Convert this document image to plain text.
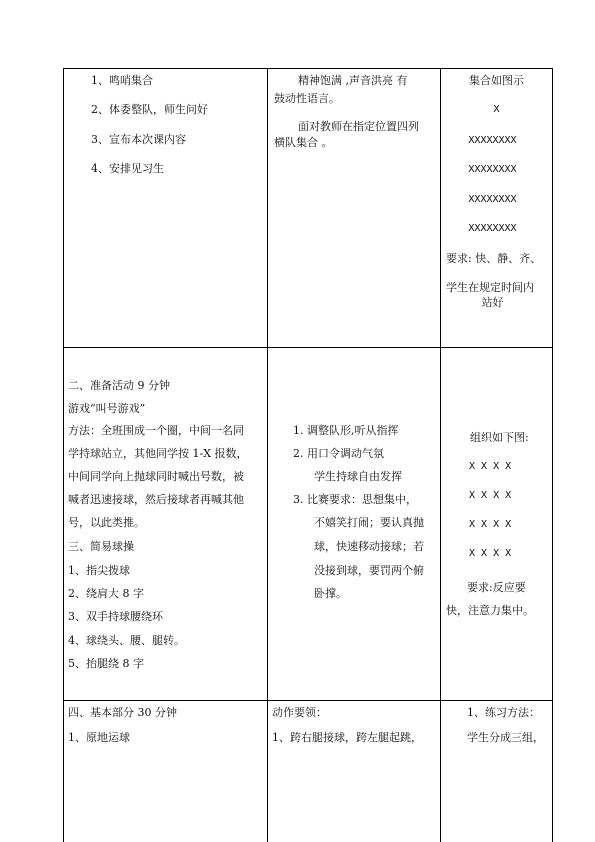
1、鸣哨集合
2、体委整队，师生问好
3、宣布本次课内容
4、安排见习生
精神饱满 ,声音洪亮 有
鼓动性语言。
面对教师在指定位置四列
横队集合 。
集合如图示
X
XXXXXXXX
XXXXXXXX
XXXXXXXX
XXXXXXXX
要求: 快、静、齐、
学生在规定时间内
站好
二、准备活动 9 分钟
游戏“叫号游戏”
方法：全班围成一个圈，中间一名同
学持球站立，其他同学按 1-X 报数，
中间同学向上抛球同时喊出号数，被
喊者迅速接球，然后接球者再喊其他
号，以此类推。
三、简易球操
1、指尖拨球
2、绕肩大 8 字
3、双手持球腰绕环
4、球绕头、腰、腿转。
5、抬腿绕 8 字
1. 调整队形,听从指挥
2. 用口令调动气氛
学生持球自由发挥
3. 比赛要求：思想集中，
不嬉笑打闹；要认真抛
球，快速移动接球；若
没接到球，要罚两个俯
卧撑。
组织如下图:
X X X X
X X X X
X X X X
X X X X
要求:反应要
快，注意力集中。
四、基本部分 30 分钟
1、原地运球
动作要领：
1、跨右腿接球，跨左腿起跳，
1、练习方法：
学生分成三组，
